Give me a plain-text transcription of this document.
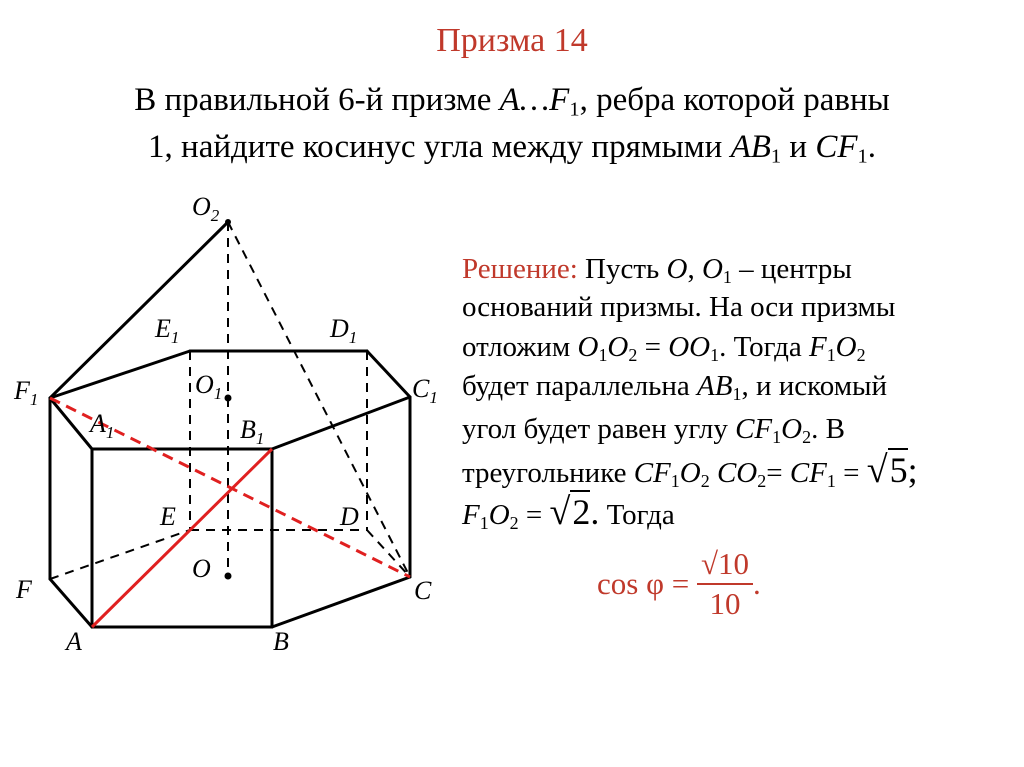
Призма 14
В правильной 6-й призме $A\dots F_1$, ребра которой равны
1, найдите косинус угла между прямыми $AB_1$ и $CF_1$.
$O_2$
$E_1$	$D_1$
$O_1$
$F_1$
$A_1$	$B_1$
$C_1$
E	D
O
F	C
A	B
Решение: Пусть O, $O_1$ – центры
оснований призмы. На оси призмы
отложим $O_1O_2 = OO_1$. Тогда $F_1O_2$
будет параллельна $AB_1$, и искомый
угол будет равен углу $CF_1O_2$. В
треугольнике $CF_1O_2$ $CO_2= CF_1 = √5$;
$F_1O_2 = √2$. Тогда
$\cos \varphi = \frac{√10}{10}$ .
